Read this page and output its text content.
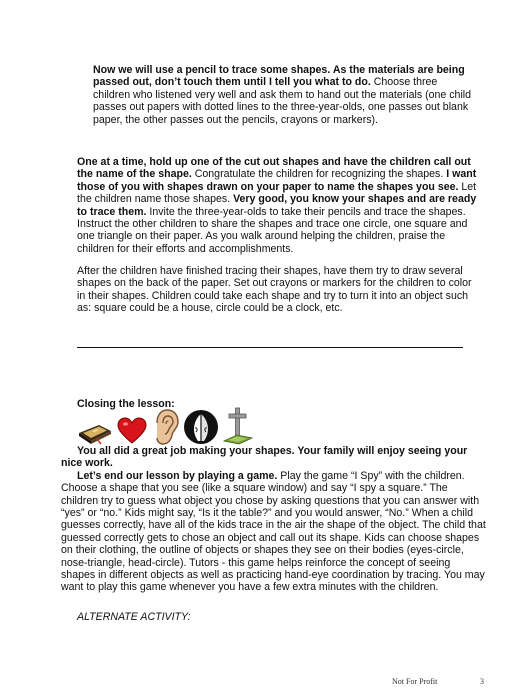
Now we will use a pencil to trace some shapes. As the materials are being passed out, don’t touch them until I tell you what to do. Choose three children who listened very well and ask them to hand out the materials (one child passes out papers with dotted lines to the three-year-olds, one passes out blank paper, the other passes out the pencils, crayons or markers).

One at a time, hold up one of the cut out shapes and have the children call out the name of the shape. Congratulate the children for recognizing the shapes. I want those of you with shapes drawn on your paper to name the shapes you see. Let the children name those shapes. Very good, you know your shapes and are ready to trace them. Invite the three-year-olds to take their pencils and trace the shapes. Instruct the other children to share the shapes and trace one circle, one square and one triangle on their paper. As you walk around helping the children, praise the children for their efforts and accomplishments.

After the children have finished tracing their shapes, have them try to draw several shapes on the back of the paper. Set out crayons or markers for the children to color in their shapes. Children could take each shape and try to turn it into an object such as: square could be a house, circle could be a clock, etc.

Closing the lesson:

You all did a great job making your shapes. Your family will enjoy seeing your nice work.
Let’s end our lesson by playing a game. Play the game “I Spy” with the children. Choose a shape that you see (like a square window) and say “I spy a square.” The children try to guess what object you chose by asking questions that you can answer with “yes” or “no.” Kids might say, “Is it the table?” and you would answer, “No.” When a child guesses correctly, have all of the kids trace in the air the shape of the object. The child that guessed correctly gets to chose an object and call out its shape. Kids can choose shapes on their clothing, the outline of objects or shapes they see on their bodies (eyes-circle, nose-triangle, head-circle). Tutors - this game helps reinforce the concept of seeing shapes in different objects as well as practicing hand-eye coordination by tracing. You may want to play this game whenever you have a few extra minutes with the children.

ALTERNATE ACTIVITY:

Not For Profit	3
